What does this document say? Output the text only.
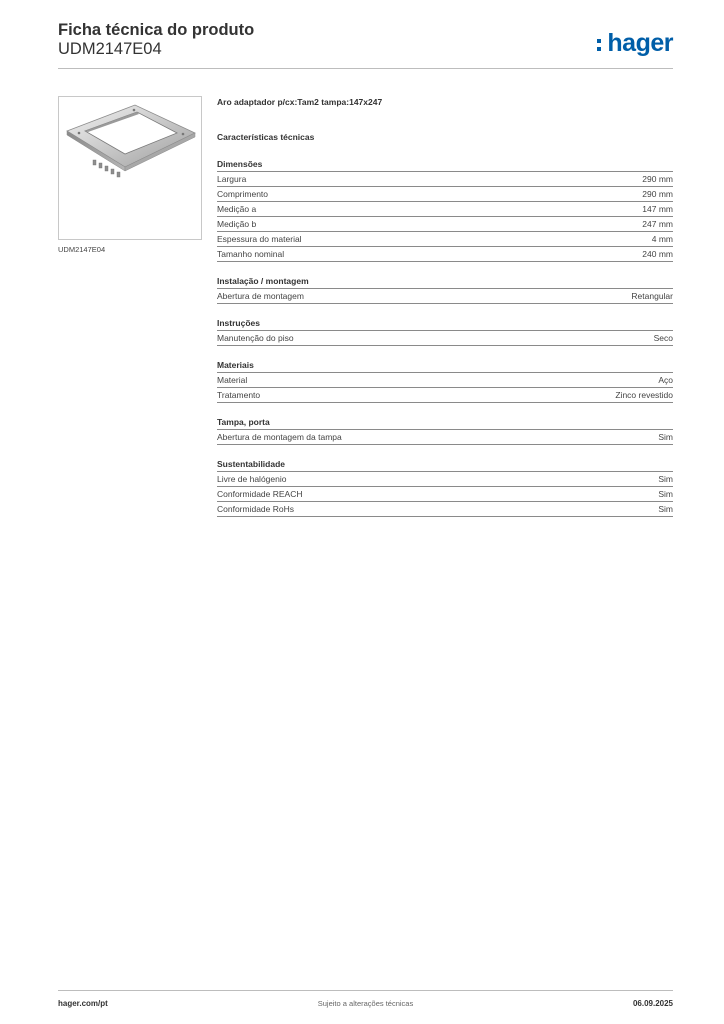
Ficha técnica do produto
UDM2147E04	hager
UDM2147E04
Aro adaptador p/cx:Tam2 tampa:147x247
Características técnicas
Dimensões
Largura	290 mm
Comprimento	290 mm
Medição a	147 mm
Medição b	247 mm
Espessura do material	4 mm
Tamanho nominal	240 mm
Instalação / montagem
Abertura de montagem	Retangular
Instruções
Manutenção do piso	Seco
Materiais
Material	Aço
Tratamento	Zinco revestido
Tampa, porta
Abertura de montagem da tampa	Sim
Sustentabilidade
Livre de halógenio	Sim
Conformidade REACH	Sim
Conformidade RoHs	Sim
hager.com/pt	Sujeito a alterações técnicas	06.09.2025
